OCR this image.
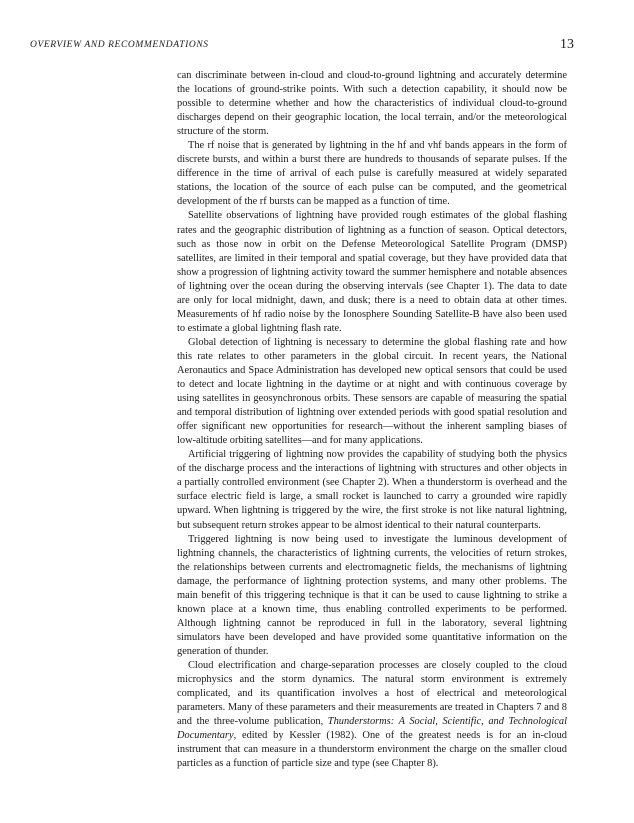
OVERVIEW AND RECOMMENDATIONS	13

can discriminate between in-cloud and cloud-to-ground lightning and accurately determine the locations of ground-strike points. With such a detection capability, it should now be possible to determine whether and how the characteristics of individual cloud-to-ground discharges depend on their geographic location, the local terrain, and/or the meteorological structure of the storm.

The rf noise that is generated by lightning in the hf and vhf bands appears in the form of discrete bursts, and within a burst there are hundreds to thousands of separate pulses. If the difference in the time of arrival of each pulse is carefully measured at widely separated stations, the location of the source of each pulse can be computed, and the geometrical development of the rf bursts can be mapped as a function of time.

Satellite observations of lightning have provided rough estimates of the global flashing rates and the geographic distribution of lightning as a function of season. Optical detectors, such as those now in orbit on the Defense Meteorological Satellite Program (DMSP) satellites, are limited in their temporal and spatial coverage, but they have provided data that show a progression of lightning activity toward the summer hemisphere and notable absences of lightning over the ocean during the observing intervals (see Chapter 1). The data to date are only for local midnight, dawn, and dusk; there is a need to obtain data at other times. Measurements of hf radio noise by the Ionosphere Sounding Satellite-B have also been used to estimate a global lightning flash rate.

Global detection of lightning is necessary to determine the global flashing rate and how this rate relates to other parameters in the global circuit. In recent years, the National Aeronautics and Space Administration has developed new optical sensors that could be used to detect and locate lightning in the daytime or at night and with continuous coverage by using satellites in geosynchronous orbits. These sensors are capable of measuring the spatial and temporal distribution of lightning over extended periods with good spatial resolution and offer significant new opportunities for research—without the inherent sampling biases of low-altitude orbiting satellites—and for many applications.

Artificial triggering of lightning now provides the capability of studying both the physics of the discharge process and the interactions of lightning with structures and other objects in a partially controlled environment (see Chapter 2). When a thunderstorm is overhead and the surface electric field is large, a small rocket is launched to carry a grounded wire rapidly upward. When lightning is triggered by the wire, the first stroke is not like natural lightning, but subsequent return strokes appear to be almost identical to their natural counterparts.

Triggered lightning is now being used to investigate the luminous development of lightning channels, the characteristics of lightning currents, the velocities of return strokes, the relationships between currents and electromagnetic fields, the mechanisms of lightning damage, the performance of lightning protection systems, and many other problems. The main benefit of this triggering technique is that it can be used to cause lightning to strike a known place at a known time, thus enabling controlled experiments to be performed. Although lightning cannot be reproduced in full in the laboratory, several lightning simulators have been developed and have provided some quantitative information on the generation of thunder.

Cloud electrification and charge-separation processes are closely coupled to the cloud microphysics and the storm dynamics. The natural storm environment is extremely complicated, and its quantification involves a host of electrical and meteorological parameters. Many of these parameters and their measurements are treated in Chapters 7 and 8 and the three-volume publication, Thunderstorms: A Social, Scientific, and Technological Documentary, edited by Kessler (1982). One of the greatest needs is for an in-cloud instrument that can measure in a thunderstorm environment the charge on the smaller cloud particles as a function of particle size and type (see Chapter 8).
